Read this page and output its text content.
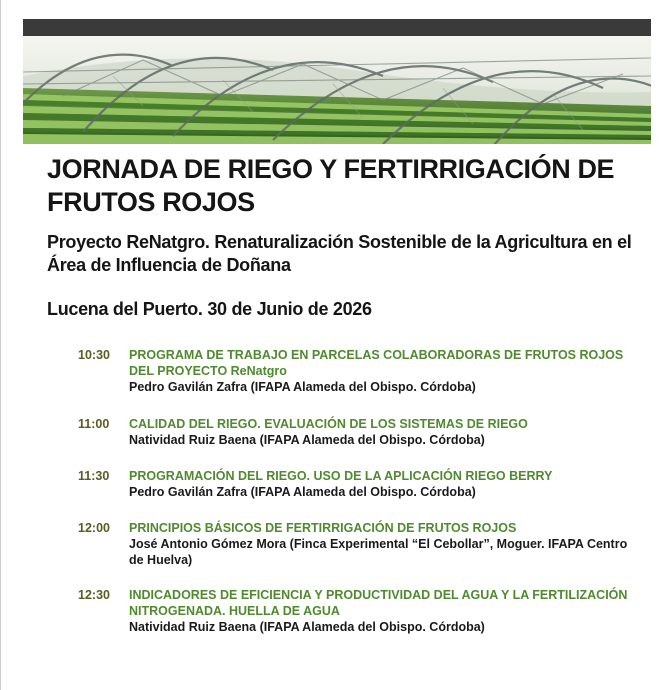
JORNADA DE RIEGO Y FERTIRRIGACIÓN DE FRUTOS ROJOS
Proyecto ReNatgro. Renaturalización Sostenible de la Agricultura en el Área de Influencia de Doñana

Lucena del Puerto. 30 de Junio de 2026

10:30	PROGRAMA DE TRABAJO EN PARCELAS COLABORADORAS DE FRUTOS ROJOS DEL PROYECTO ReNatgro
Pedro Gavilán Zafra (IFAPA Alameda del Obispo. Córdoba)
11:00	CALIDAD DEL RIEGO. EVALUACIÓN DE LOS SISTEMAS DE RIEGO
Natividad Ruiz Baena (IFAPA Alameda del Obispo. Córdoba)
11:30	PROGRAMACIÓN DEL RIEGO. USO DE LA APLICACIÓN RIEGO BERRY
Pedro Gavilán Zafra (IFAPA Alameda del Obispo. Córdoba)
12:00	PRINCIPIOS BÁSICOS DE FERTIRRIGACIÓN DE FRUTOS ROJOS
José Antonio Gómez Mora (Finca Experimental “El Cebollar”, Moguer. IFAPA Centro de Huelva)
12:30	INDICADORES DE EFICIENCIA Y PRODUCTIVIDAD DEL AGUA Y LA FERTILIZACIÓN NITROGENADA. HUELLA DE AGUA
Natividad Ruiz Baena (IFAPA Alameda del Obispo. Córdoba)
